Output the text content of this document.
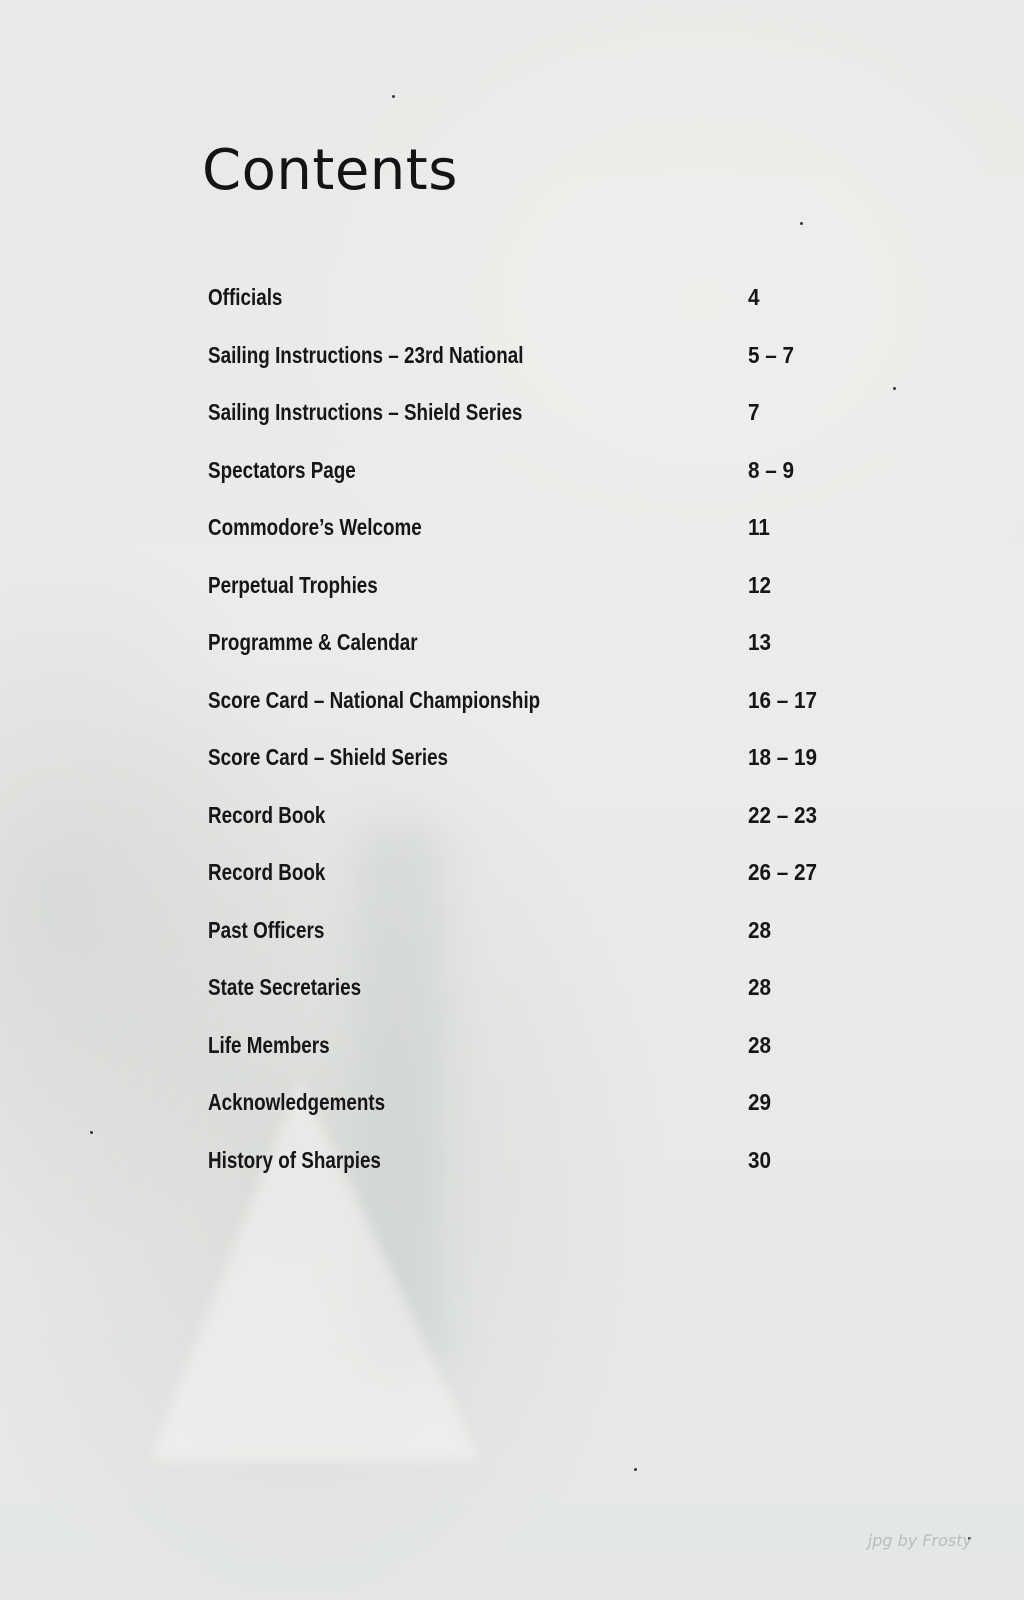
Contents
Officials	4
Sailing Instructions – 23rd National	5 – 7
Sailing Instructions – Shield Series	7
Spectators Page	8 – 9
Commodore’s Welcome	11
Perpetual Trophies	12
Programme & Calendar	13
Score Card – National Championship	16 – 17
Score Card – Shield Series	18 – 19
Record Book	22 – 23
Record Book	26 – 27
Past Officers	28
State Secretaries	28
Life Members	28
Acknowledgements	29
History of Sharpies	30
jpg by Frosty
